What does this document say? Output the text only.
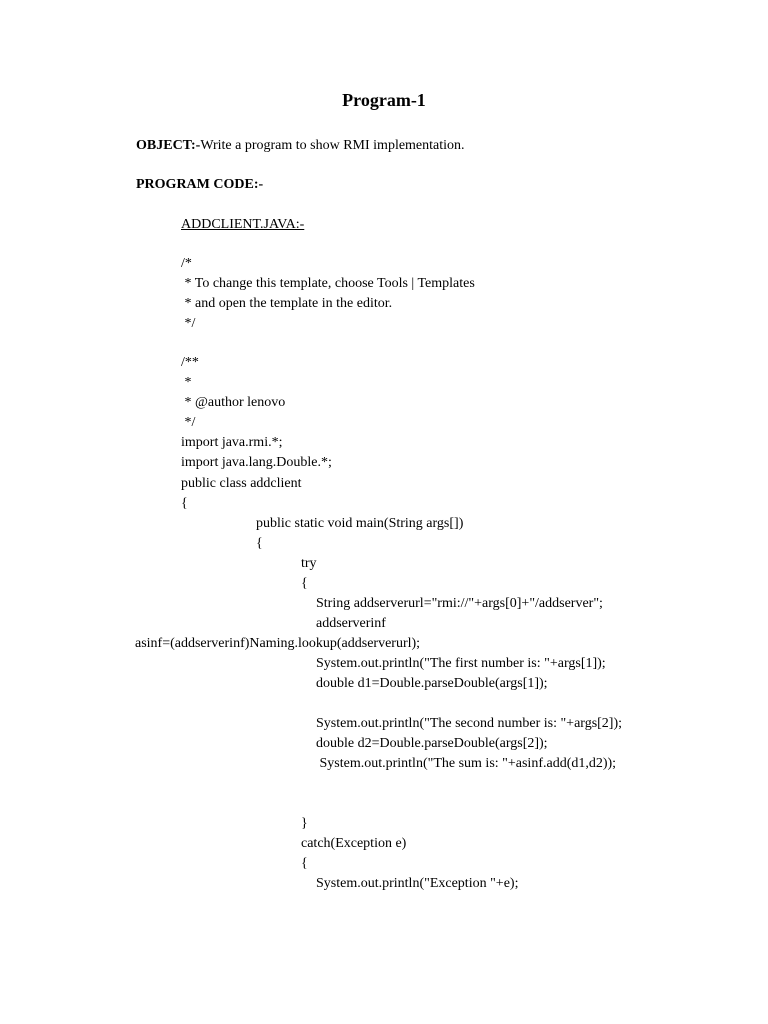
Program-1
OBJECT:-Write a program to show RMI implementation.
PROGRAM CODE:-
ADDCLIENT.JAVA:-
/*
* To change this template, choose Tools | Templates
* and open the template in the editor.
*/
/**
*
* @author lenovo
*/
import java.rmi.*;
import java.lang.Double.*;
public class addclient
{
public static void main(String args[])
{
try
{
String addserverurl="rmi://"+args[0]+"/addserver";
addserverinf
asinf=(addserverinf)Naming.lookup(addserverurl);
System.out.println("The first number is: "+args[1]);
double d1=Double.parseDouble(args[1]);
System.out.println("The second number is: "+args[2]);
double d2=Double.parseDouble(args[2]);
System.out.println("The sum is: "+asinf.add(d1,d2));
}
catch(Exception e)
{
System.out.println("Exception "+e);
